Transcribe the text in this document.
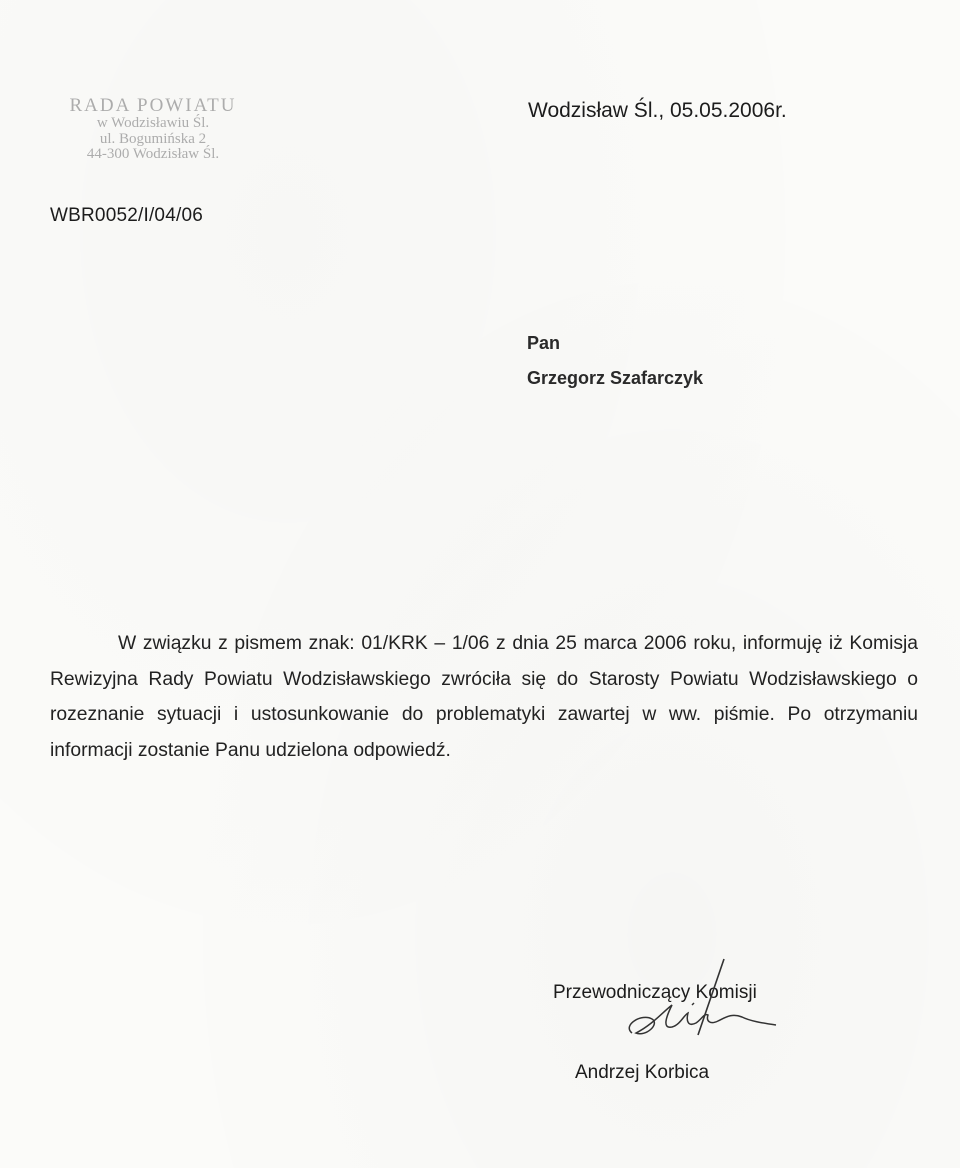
RADA POWIATU
w Wodzisławiu Śl.
ul. Bogumińska 2
44-300 Wodzisław Śl.
WBR0052/I/04/06
Wodzisław Śl., 05.05.2006r.
Pan
Grzegorz Szafarczyk
W związku z pismem znak: 01/KRK – 1/06 z dnia 25 marca 2006 roku, informuję iż Komisja Rewizyjna Rady Powiatu Wodzisławskiego zwróciła się do Starosty Powiatu Wodzisławskiego o rozeznanie sytuacji i ustosunkowanie do problematyki zawartej w ww. piśmie. Po otrzymaniu informacji zostanie Panu udzielona odpowiedź.
Przewodniczący Komisji
Andrzej Korbica
